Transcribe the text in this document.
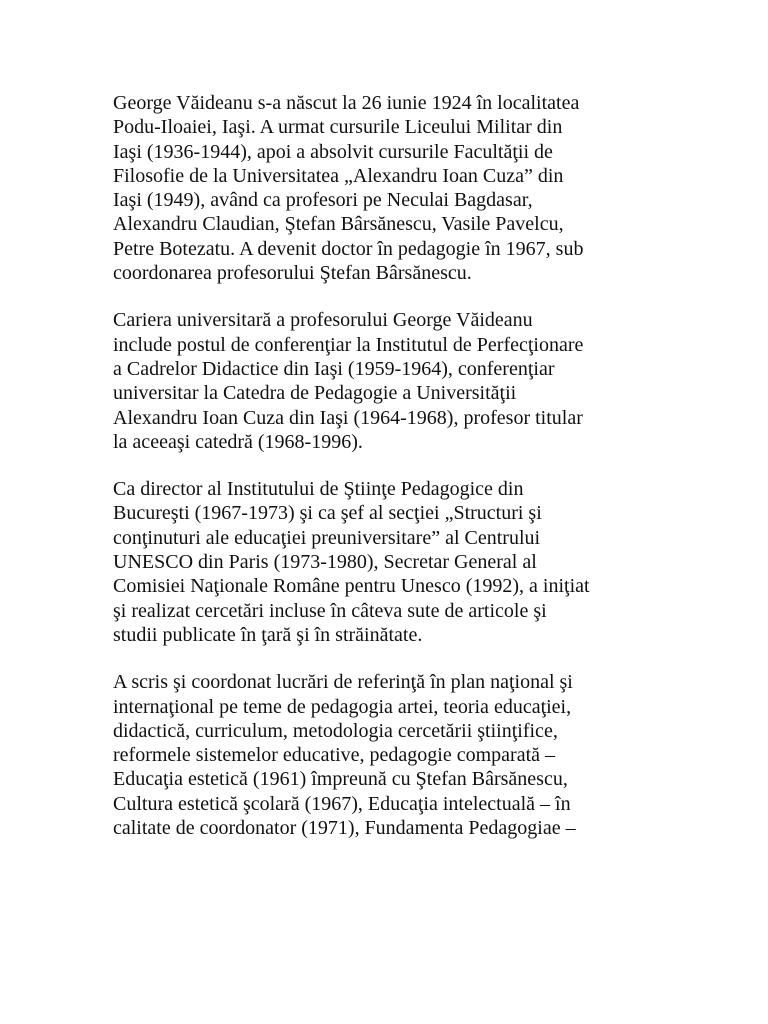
George Văideanu s-a născut la 26 iunie 1924 în localitatea
Podu-Iloaiei, Iaşi. A urmat cursurile Liceului Militar din
Iaşi (1936-1944), apoi a absolvit cursurile Facultăţii de
Filosofie de la Universitatea „Alexandru Ioan Cuza” din
Iaşi (1949), având ca profesori pe Neculai Bagdasar,
Alexandru Claudian, Ştefan Bârsănescu, Vasile Pavelcu,
Petre Botezatu. A devenit doctor în pedagogie în 1967, sub
coordonarea profesorului Ştefan Bârsănescu.

Cariera universitară a profesorului George Văideanu
include postul de conferenţiar la Institutul de Perfecţionare
a Cadrelor Didactice din Iaşi (1959-1964), conferenţiar
universitar la Catedra de Pedagogie a Universităţii
Alexandru Ioan Cuza din Iaşi (1964-1968), profesor titular
la aceeaşi catedră (1968-1996).

Ca director al Institutului de Ştiinţe Pedagogice din
Bucureşti (1967-1973) şi ca şef al secţiei „Structuri şi
conţinuturi ale educaţiei preuniversitare” al Centrului
UNESCO din Paris (1973-1980), Secretar General al
Comisiei Naţionale Române pentru Unesco (1992), a iniţiat
şi realizat cercetări incluse în câteva sute de articole şi
studii publicate în ţară şi în străinătate.

A scris şi coordonat lucrări de referinţă în plan naţional şi
internaţional pe teme de pedagogia artei, teoria educaţiei,
didactică, curriculum, metodologia cercetării ştiinţifice,
reformele sistemelor educative, pedagogie comparată –
Educaţia estetică (1961) împreună cu Ştefan Bârsănescu,
Cultura estetică şcolară (1967), Educaţia intelectuală – în
calitate de coordonator (1971), Fundamenta Pedagogiae –
